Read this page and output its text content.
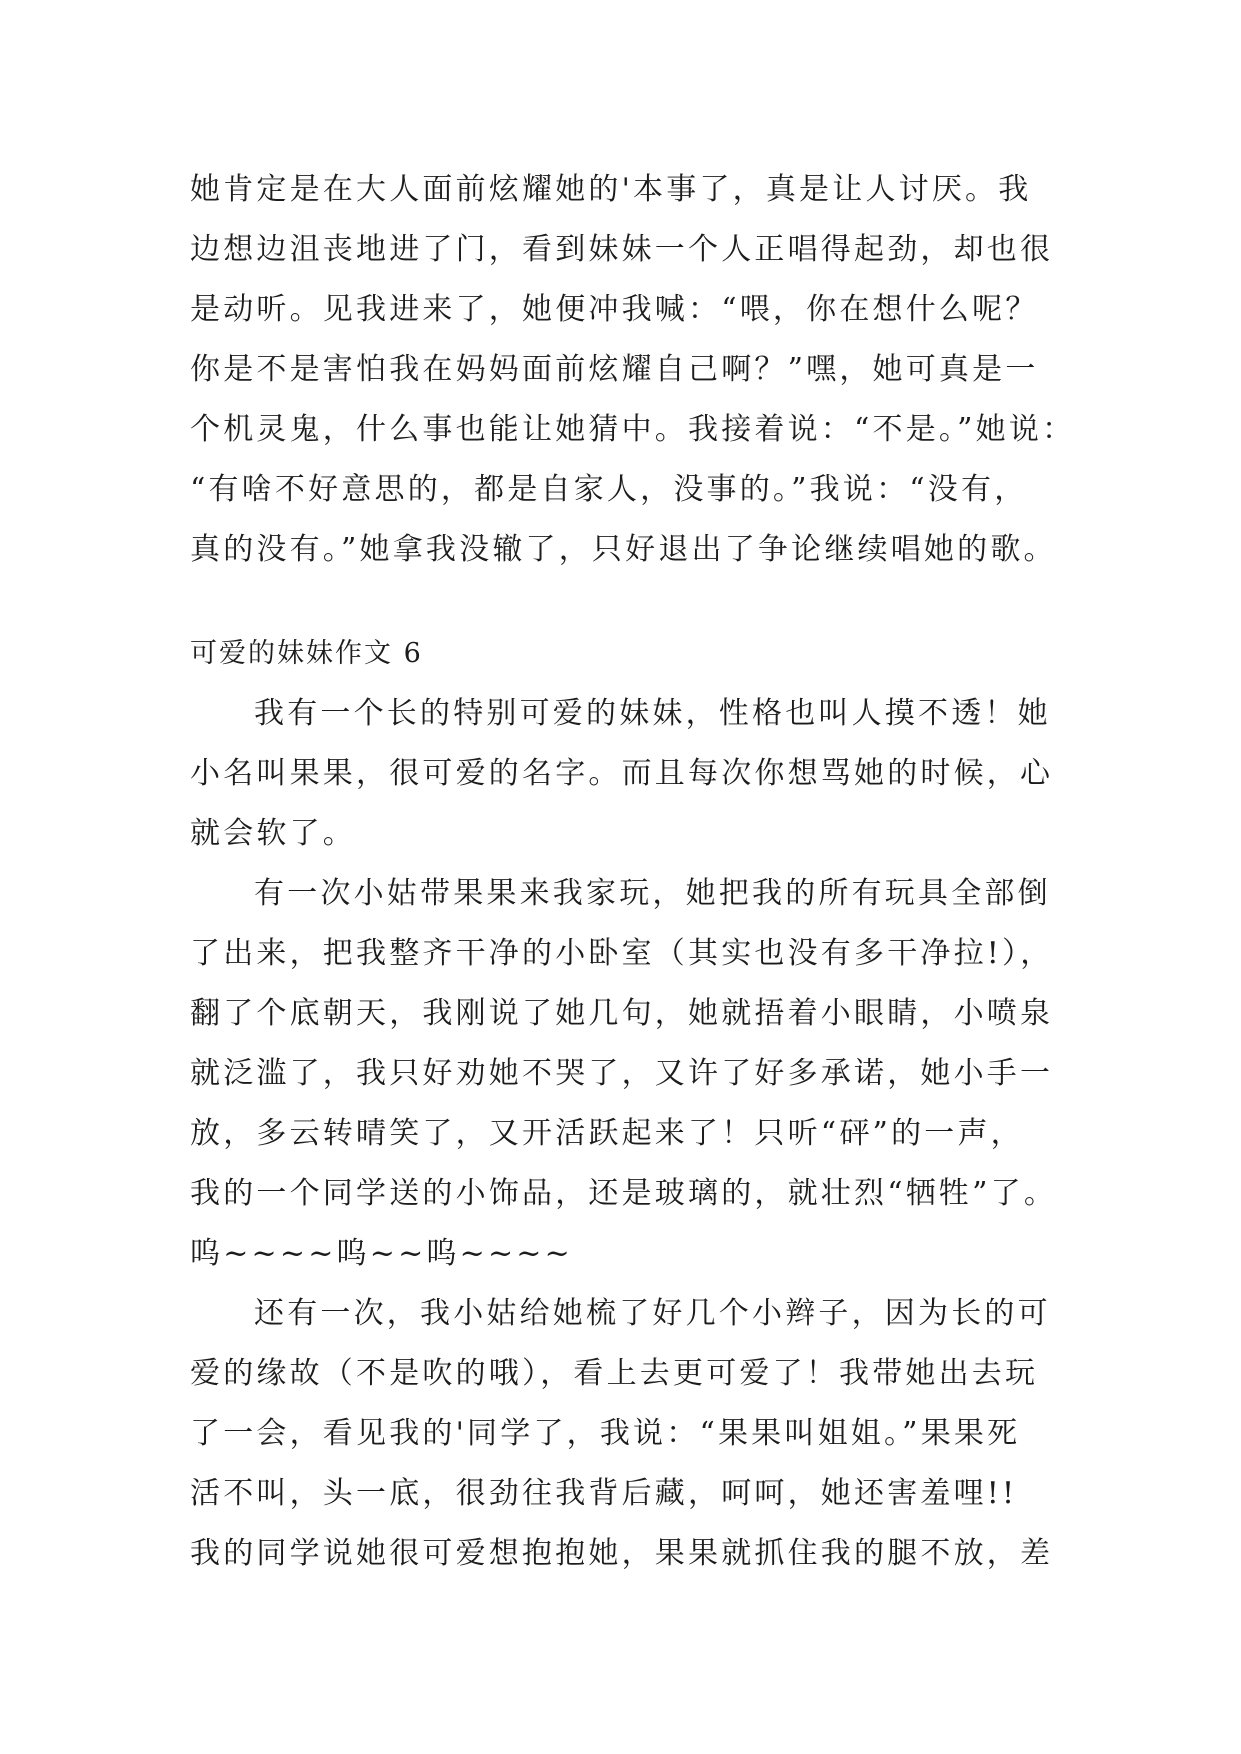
她肯定是在大人面前炫耀她的'本事了，真是让人讨厌。我
边想边沮丧地进了门，看到妹妹一个人正唱得起劲，却也很
是动听。见我进来了，她便冲我喊：“喂，你在想什么呢？
你是不是害怕我在妈妈面前炫耀自己啊？”嘿，她可真是一
个机灵鬼，什么事也能让她猜中。我接着说：“不是。”她说：
“有啥不好意思的，都是自家人，没事的。”我说：“没有，
真的没有。”她拿我没辙了，只好退出了争论继续唱她的歌。
可爱的妹妹作文 6
我有一个长的特别可爱的妹妹，性格也叫人摸不透！她
小名叫果果，很可爱的名字。而且每次你想骂她的时候，心
就会软了。
有一次小姑带果果来我家玩，她把我的所有玩具全部倒
了出来，把我整齐干净的小卧室（其实也没有多干净拉!），
翻了个底朝天，我刚说了她几句，她就捂着小眼睛，小喷泉
就泛滥了，我只好劝她不哭了，又许了好多承诺，她小手一
放，多云转晴笑了，又开活跃起来了！只听“砰”的一声，
我的一个同学送的小饰品，还是玻璃的，就壮烈“牺牲”了。
呜~~~~呜~~呜~~~~
还有一次，我小姑给她梳了好几个小辫子，因为长的可
爱的缘故（不是吹的哦），看上去更可爱了！我带她出去玩
了一会，看见我的'同学了，我说：“果果叫姐姐。”果果死
活不叫，头一底，很劲往我背后藏，呵呵，她还害羞哩!!
我的同学说她很可爱想抱抱她，果果就抓住我的腿不放，差
